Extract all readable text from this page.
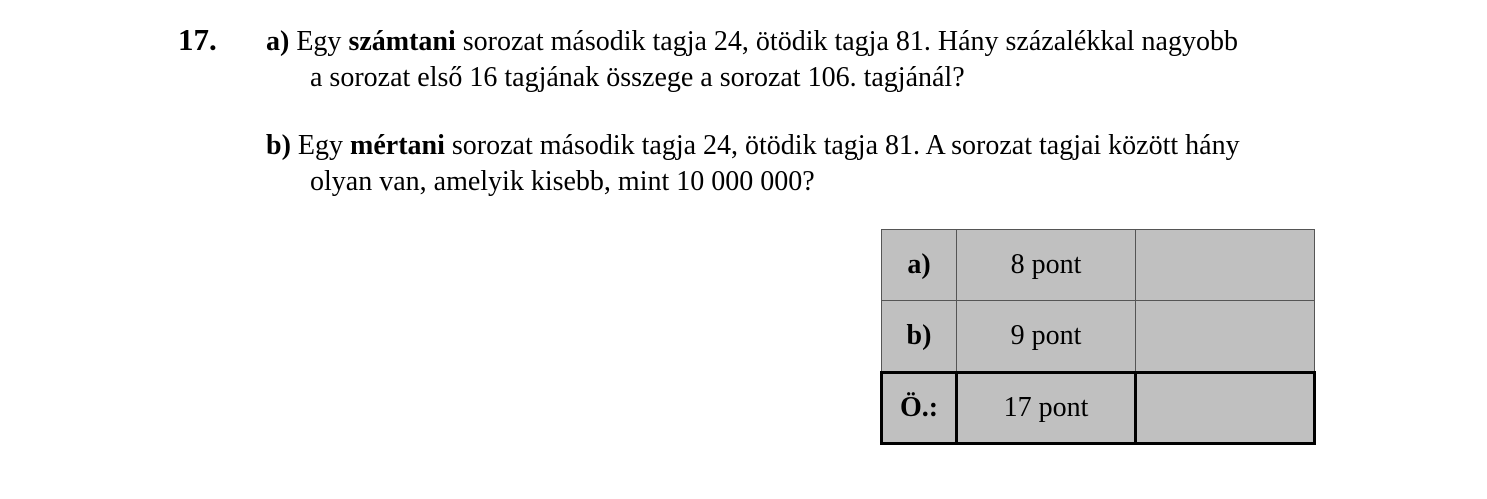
17. a) Egy számtani sorozat második tagja 24, ötödik tagja 81. Hány százalékkal nagyobb
a sorozat első 16 tagjának összege a sorozat 106. tagjánál?
b) Egy mértani sorozat második tagja 24, ötödik tagja 81. A sorozat tagjai között hány
olyan van, amelyik kisebb, mint 10 000 000?
a)	8 pont	
b)	9 pont	
Ö.:	17 pont	
